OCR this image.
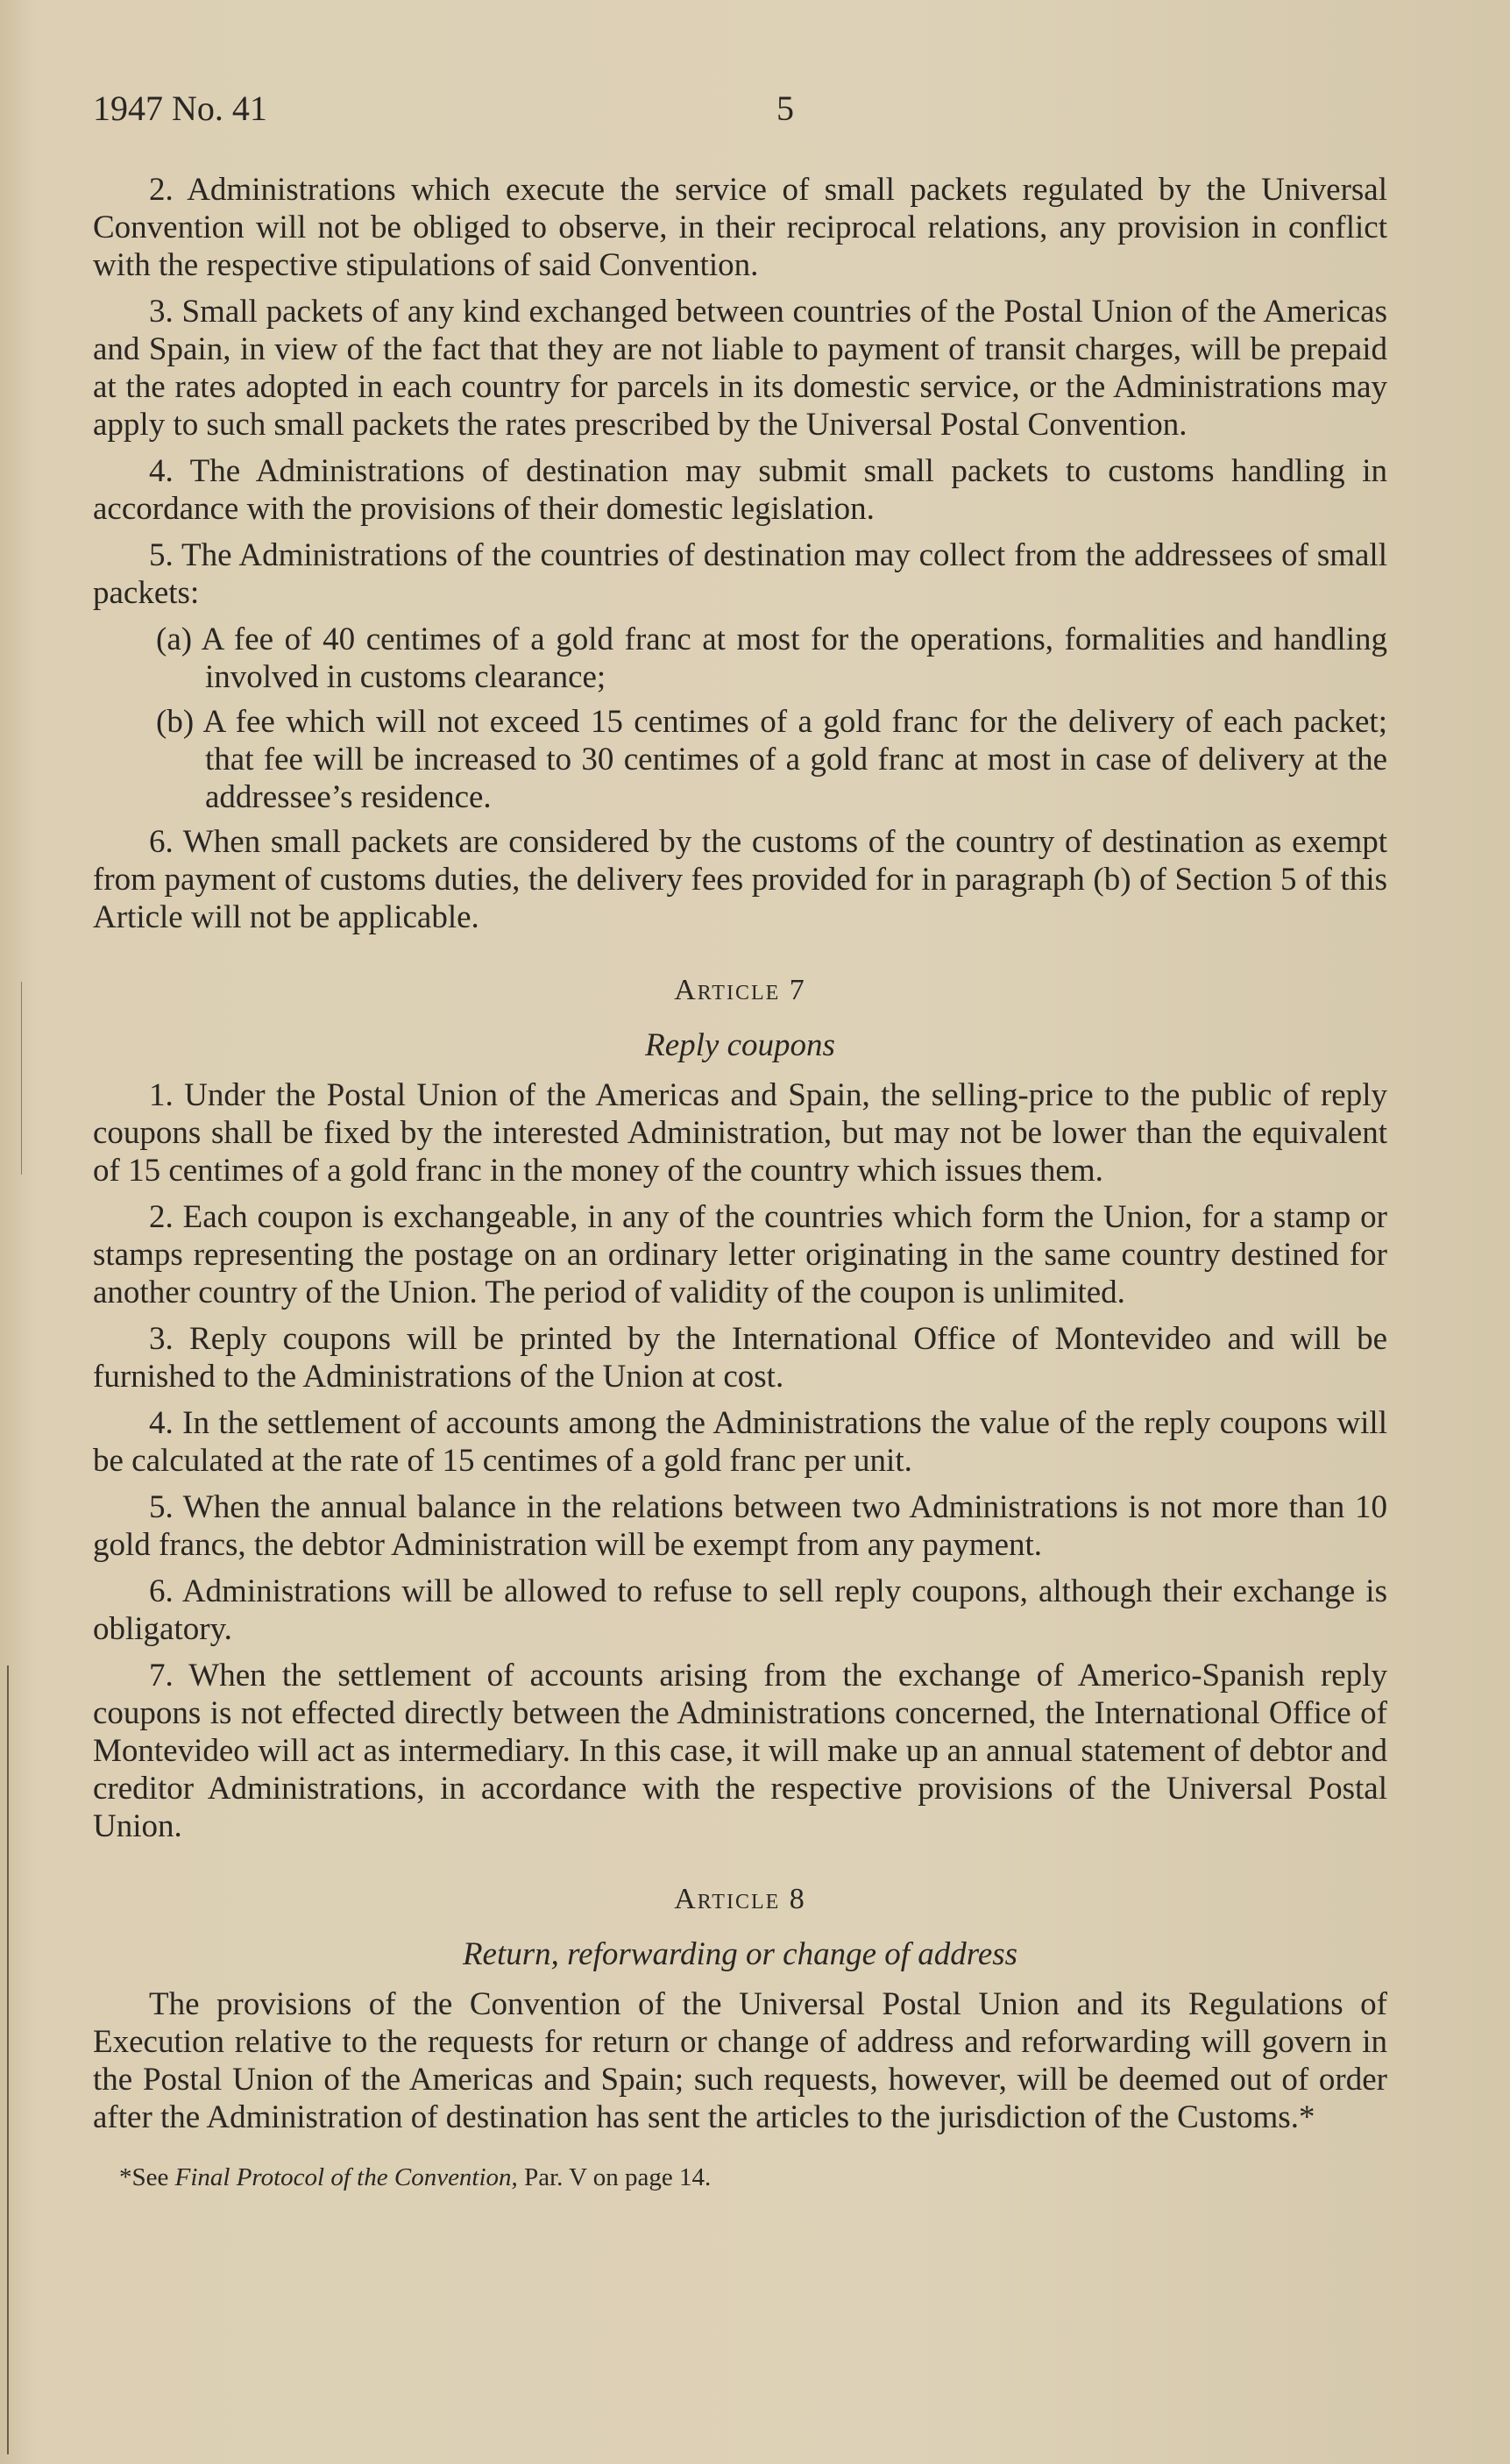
1947 No. 41	5

2. Administrations which execute the service of small packets regulated by the Universal Convention will not be obliged to observe, in their reciprocal relations, any provision in conflict with the respective stipulations of said Convention.

3. Small packets of any kind exchanged between countries of the Postal Union of the Americas and Spain, in view of the fact that they are not liable to payment of transit charges, will be prepaid at the rates adopted in each country for parcels in its domestic service, or the Administrations may apply to such small packets the rates prescribed by the Universal Postal Convention.

4. The Administrations of destination may submit small packets to customs handling in accordance with the provisions of their domestic legislation.

5. The Administrations of the countries of destination may collect from the addressees of small packets:

(a) A fee of 40 centimes of a gold franc at most for the operations, formalities and handling involved in customs clearance;

(b) A fee which will not exceed 15 centimes of a gold franc for the delivery of each packet; that fee will be increased to 30 centimes of a gold franc at most in case of delivery at the addressee’s residence.

6. When small packets are considered by the customs of the country of destination as exempt from payment of customs duties, the delivery fees provided for in paragraph (b) of Section 5 of this Article will not be applicable.

Article 7
Reply coupons

1. Under the Postal Union of the Americas and Spain, the selling-price to the public of reply coupons shall be fixed by the interested Administration, but may not be lower than the equivalent of 15 centimes of a gold franc in the money of the country which issues them.

2. Each coupon is exchangeable, in any of the countries which form the Union, for a stamp or stamps representing the postage on an ordinary letter originating in the same country destined for another country of the Union. The period of validity of the coupon is unlimited.

3. Reply coupons will be printed by the International Office of Montevideo and will be furnished to the Administrations of the Union at cost.

4. In the settlement of accounts among the Administrations the value of the reply coupons will be calculated at the rate of 15 centimes of a gold franc per unit.

5. When the annual balance in the relations between two Administrations is not more than 10 gold francs, the debtor Administration will be exempt from any payment.

6. Administrations will be allowed to refuse to sell reply coupons, although their exchange is obligatory.

7. When the settlement of accounts arising from the exchange of Americo-Spanish reply coupons is not effected directly between the Administrations concerned, the International Office of Montevideo will act as intermediary. In this case, it will make up an annual statement of debtor and creditor Administrations, in accordance with the respective provisions of the Universal Postal Union.

Article 8
Return, reforwarding or change of address

The provisions of the Convention of the Universal Postal Union and its Regulations of Execution relative to the requests for return or change of address and reforwarding will govern in the Postal Union of the Americas and Spain; such requests, however, will be deemed out of order after the Administration of destination has sent the articles to the jurisdiction of the Customs.*

*See Final Protocol of the Convention, Par. V on page 14.
